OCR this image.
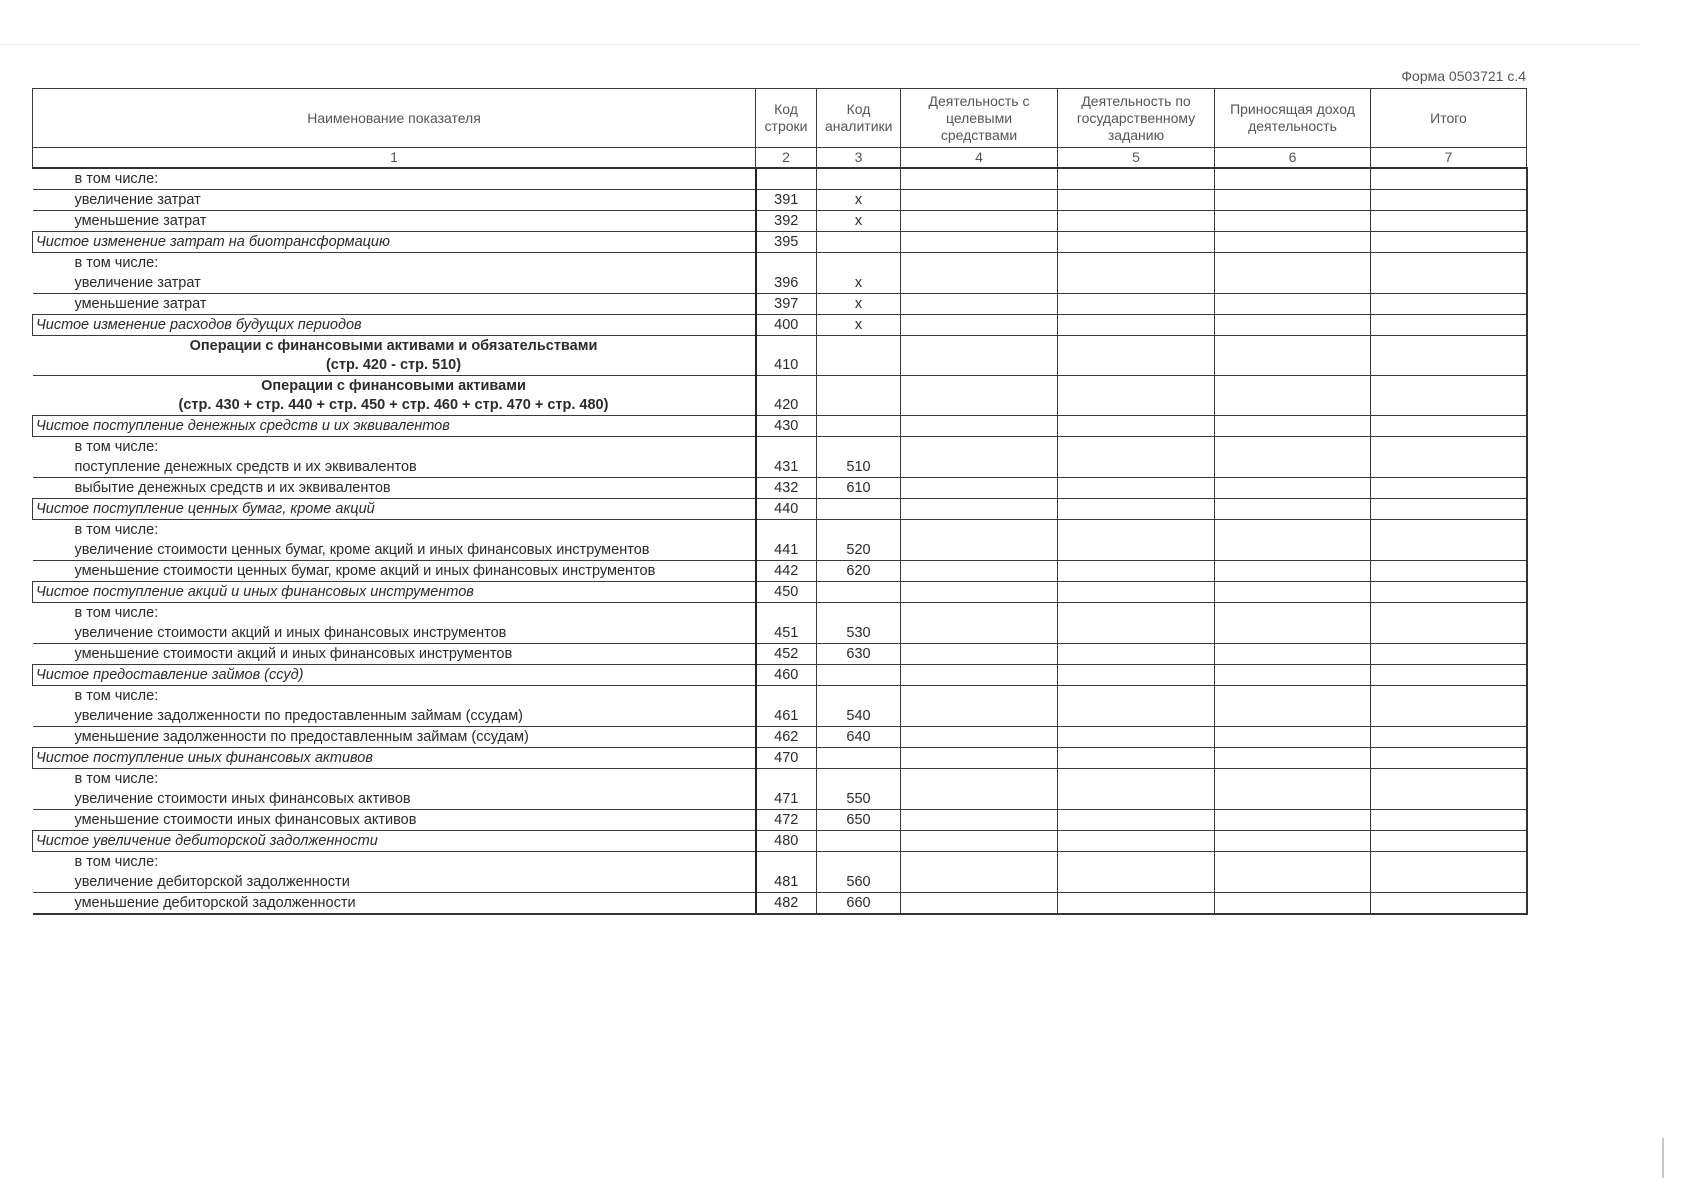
Форма 0503721 с.4
Наименование показателя	Код строки	Код аналитики	Деятельность с целевыми средствами	Деятельность по государственному заданию	Приносящая доход деятельность	Итого
1	2	3	4	5	6	7
в том числе:						
увеличение затрат	391	x				
уменьшение затрат	392	x				
Чистое изменение затрат на биотрансформацию	395					

в том числе:
увеличение затрат	396	x				
уменьшение затрат	397	x				
Чистое изменение расходов будущих периодов	400	x				

Операции с финансовыми активами и обязательствами
(стр. 420 - стр. 510)	410					

Операции с финансовыми активами
(стр. 430 + стр. 440 + стр. 450 + стр. 460 + стр. 470 + стр. 480)	420					
Чистое поступление денежных средств и их эквивалентов	430					

в том числе:
поступление денежных средств и их эквивалентов	431	510				
выбытие денежных средств и их эквивалентов	432	610				
Чистое поступление ценных бумаг, кроме акций	440					

в том числе:
увеличение стоимости ценных бумаг, кроме акций и иных финансовых инструментов	441	520				
уменьшение стоимости ценных бумаг, кроме акций и иных финансовых инструментов	442	620				
Чистое поступление акций и иных финансовых инструментов	450					

в том числе:
увеличение стоимости акций и иных финансовых инструментов	451	530				
уменьшение стоимости акций и иных финансовых инструментов	452	630				
Чистое предоставление займов (ссуд)	460					

в том числе:
увеличение задолженности по предоставленным займам (ссудам)	461	540				
уменьшение задолженности по предоставленным займам (ссудам)	462	640				
Чистое поступление иных финансовых активов	470					

в том числе:
увеличение стоимости иных финансовых активов	471	550				
уменьшение стоимости иных финансовых активов	472	650				
Чистое увеличение дебиторской задолженности	480					

в том числе:
увеличение дебиторской задолженности	481	560				
уменьшение дебиторской задолженности	482	660				
